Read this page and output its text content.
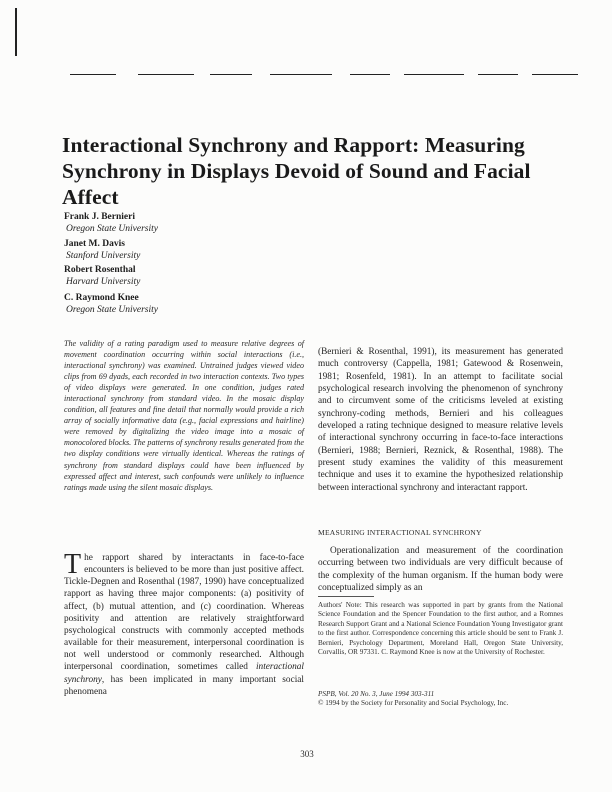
Interactional Synchrony and Rapport: Measuring
Synchrony in Displays Devoid of Sound and Facial Affect
Frank J. Bernieri
Oregon State University
Janet M. Davis
Stanford University
Robert Rosenthal
Harvard University
C. Raymond Knee
Oregon State University
The validity of a rating paradigm used to measure relative degrees of movement coordination occurring within social interactions (i.e., interactional synchrony) was examined. Untrained judges viewed video clips from 69 dyads, each recorded in two interaction contexts. Two types of video displays were generated. In one condition, judges rated interactional synchrony from standard video. In the mosaic display condition, all features and fine detail that normally would provide a rich array of socially informative data (e.g., facial expressions and hairline) were removed by digitalizing the video image into a mosaic of monocolored blocks. The patterns of synchrony results generated from the two display conditions were virtually identical. Whereas the ratings of synchrony from standard displays could have been influenced by expressed affect and interest, such confounds were unlikely to influence ratings made using the silent mosaic displays.
The rapport shared by interactants in face-to-face encounters is believed to be more than just positive affect. Tickle-Degnen and Rosenthal (1987, 1990) have conceptualized rapport as having three major components: (a) positivity of affect, (b) mutual attention, and (c) coordination. Whereas positivity and attention are relatively straightforward psychological constructs with commonly accepted methods available for their measurement, interpersonal coordination is not well understood or commonly researched. Although interpersonal coordination, sometimes called interactional synchrony, has been implicated in many important social phenomena
(Bernieri & Rosenthal, 1991), its measurement has generated much controversy (Cappella, 1981; Gatewood & Rosenwein, 1981; Rosenfeld, 1981). In an attempt to facilitate social psychological research involving the phenomenon of synchrony and to circumvent some of the criticisms leveled at existing synchrony-coding methods, Bernieri and his colleagues developed a rating technique designed to measure relative levels of interactional synchrony occurring in face-to-face interactions (Bernieri, 1988; Bernieri, Reznick, & Rosenthal, 1988). The present study examines the validity of this measurement technique and uses it to examine the hypothesized relationship between interactional synchrony and interactant rapport.
MEASURING INTERACTIONAL SYNCHRONY
Operationalization and measurement of the coordination occurring between two individuals are very difficult because of the complexity of the human organism. If the human body were conceptualized simply as an
Authors' Note: This research was supported in part by grants from the National Science Foundation and the Spencer Foundation to the first author, and a Romnes Research Support Grant and a National Science Foundation Young Investigator grant to the first author. Correspondence concerning this article should be sent to Frank J. Bernieri, Psychology Department, Moreland Hall, Oregon State University, Corvallis, OR 97331. C. Raymond Knee is now at the University of Rochester.
PSPB, Vol. 20 No. 3, June 1994 303-311
© 1994 by the Society for Personality and Social Psychology, Inc.
303
